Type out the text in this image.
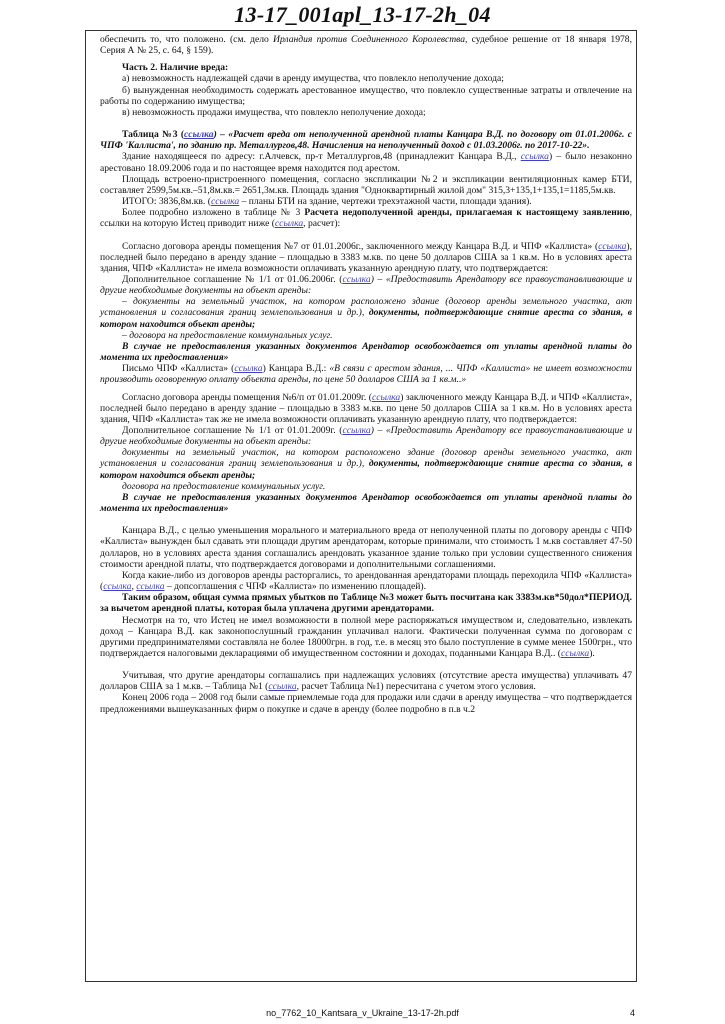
13-17_001apl_13-17-2h_04

обеспечить то, что положено. (см. дело Ирландия против Соединенного Королевства, судебное решение от 18 января 1978, Серия А № 25, с. 64, § 159).

Часть 2. Наличие вреда:

а) невозможность надлежащей сдачи в аренду имущества, что повлекло неполучение дохода;

б) вынужденная необходимость содержать арестованное имущество, что повлекло существенные затраты и отвлечение на работы по содержанию имущества;

в) невозможность продажи имущества, что повлекло неполучение дохода;

Таблица №3 (ссылка) – «Расчет вреда от неполученной арендной платы Канцара В.Д. по договору от 01.01.2006г. с ЧПФ 'Каллиста', по зданию пр. Металлургов,48. Начисления на неполученный доход с 01.03.2006г. по 2017-10-22».

Здание находящееся по адресу: г.Алчевск, пр-т Металлургов,48 (принадлежит Канцара В.Д., ссылка) – было незаконно арестовано 18.09.2006 года и по настоящее время находится под арестом.

Площадь встроено-пристроенного помещения, согласно экспликации №2 и экспликации вентиляционных камер БТИ, составляет 2599,5м.кв.–51,8м.кв.= 2651,3м.кв. Площадь здания "Одноквартирный жилой дом" 315,3+135,1+135,1=1185,5м.кв.

ИТОГО: 3836,8м.кв. (ссылка – планы БТИ на здание, чертежи трехэтажной части, площади здания).

Более подробно изложено в таблице № 3 Расчета недополученной аренды, прилагаемая к настоящему заявлению, ссылки на которую Истец приводит ниже (ссылка, расчет):

Согласно договора аренды помещения №7 от 01.01.2006г., заключенного между Канцара В.Д. и ЧПФ «Каллиста» (ссылка), последней было передано в аренду здание – площадью в 3383 м.кв. по цене 50 долларов США за 1 кв.м. Но в условиях ареста здания, ЧПФ «Каллиста» не имела возможности оплачивать указанную арендную плату, что подтверждается:

Дополнительное соглашение № 1/1 от 01.06.2006г. (ссылка) – «Предоставить Арендатору все правоустанавливающие и другие необходимые документы на объект аренды:

– документы на земельный участок, на котором расположено здание (договор аренды земельного участка, акт установления и согласования границ землепользования и др.), документы, подтверждающие снятие ареста со здания, в котором находится объект аренды;

– договора на предоставление коммунальных услуг.

В случае не предоставления указанных документов Арендатор освобождается от уплаты арендной платы до момента их предоставления»

Письмо ЧПФ «Каллиста» (ссылка) Канцара В.Д.: «В связи с арестом здания, ... ЧПФ «Каллиста» не имеет возможности производить оговоренную оплату объекта аренды, по цене 50 долларов США за 1 кв.м..»

Согласно договора аренды помещения №6/п от 01.01.2009г. (ссылка) заключенного между Канцара В.Д. и ЧПФ «Каллиста», последней было передано в аренду здание – площадью в 3383 м.кв. по цене 50 долларов США за 1 кв.м. Но в условиях ареста здания, ЧПФ «Каллиста» так же не имела возможности оплачивать указанную арендную плату, что подтверждается:

Дополнительное соглашение № 1/1 от 01.01.2009г. (ссылка) – «Предоставить Арендатору все правоустанавливающие и другие необходимые документы на объект аренды:

документы на земельный участок, на котором расположено здание (договор аренды земельного участка, акт установления и согласования границ землепользования и др.), документы, подтверждающие снятие ареста со здания, в котором находится объект аренды;

договора на предоставление коммунальных услуг.

В случае не предоставления указанных документов Арендатор освобождается от уплаты арендной платы до момента их предоставления»

Канцара В.Д., с целью уменьшения морального и материального вреда от неполученной платы по договору аренды с ЧПФ «Каллиста» вынужден был сдавать эти площади другим арендаторам, которые принимали, что стоимость 1 м.кв составляет 47-50 долларов, но в условиях ареста здания соглашались арендовать указанное здание только при условии существенного снижения стоимости арендной платы, что подтверждается договорами и дополнительными соглашениями.

Когда какие-либо из договоров аренды расторгались, то арендованная арендаторами площадь переходила ЧПФ «Каллиста» (ссылка, ссылка – допсоглашения с ЧПФ «Каллиста» по изменению площадей).

Таким образом, общая сумма прямых убытков по Таблице №3 может быть посчитана как 3383м.кв*50дол*ПЕРИОД. за вычетом арендной платы, которая была уплачена другими арендаторами.

Несмотря на то, что Истец не имел возможности в полной мере распоряжаться имуществом и, следовательно, извлекать доход – Канцара В.Д. как законопослушный гражданин уплачивал налоги. Фактически полученная сумма по договорам с другими предпринимателями составляла не более 18000грн. в год, т.е. в месяц это было поступление в сумме менее 1500грн., что подтверждается налоговыми декларациями об имущественном состоянии и доходах, поданными Канцара В.Д.. (ссылка).

Учитывая, что другие арендаторы соглашались при надлежащих условиях (отсутствие ареста имущества) уплачивать 47 долларов США за 1 м.кв. – Таблица №1 (ссылка, расчет Таблица №1) пересчитана с учетом этого условия.

Конец 2006 года – 2008 год были самые приемлемые года для продажи или сдачи в аренду имущества – что подтверждается предложениями вышеуказанных фирм о покупке и сдаче в аренду (более подробно в п.в ч.2

no_7762_10_Kantsara_v_Ukraine_13-17-2h.pdf	4
